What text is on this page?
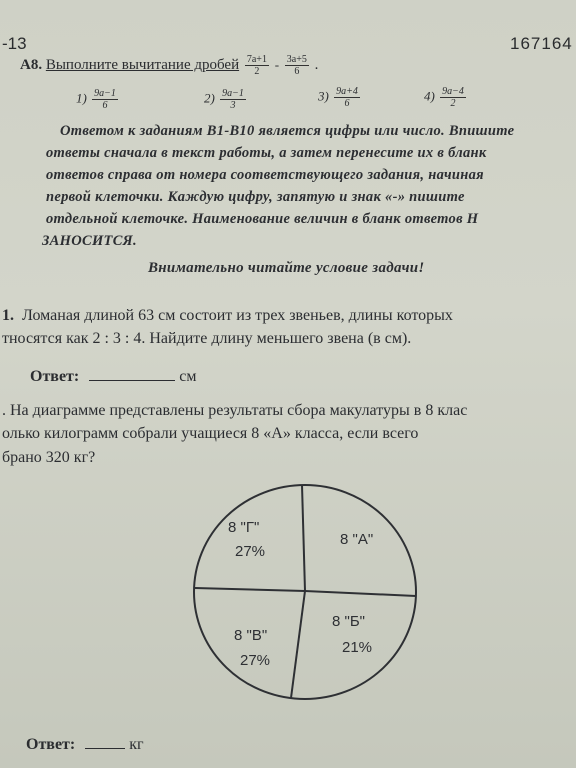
-13	167164
A8. Выполните вычитание дробей $\frac{7a+1}{2} - \frac{3a+5}{6}$ .
$1) \frac{9a-1}{6}$	$2) \frac{9a-1}{3}$	$3) \frac{9a+4}{6}$	$4) \frac{9a-4}{2}$
Ответом к заданиям В1-В10 является цифры или число. Впишите
ответы сначала в текст работы, а затем перенесите их в бланк
ответов справа от номера соответствующего задания, начиная
первой клеточки. Каждую цифру, запятую и знак «-» пишите
отдельной клеточке. Наименование величин в бланк ответов Н
ЗАНОСИТСЯ.
Внимательно читайте условие задачи!
1. Ломаная длиной 63 см состоит из трех звеньев, длины которых
тносятся как 2 : 3 : 4. Найдите длину меньшего звена (в см).
Ответ:	см
. На диаграмме представлены результаты сбора макулатуры в 8 клас
олько килограмм собрали учащиеся 8 «А» класса, если всего
брано 320 кг?
8 "Г"
27%
8 "А"
8 "Б"
21%
8 "В"
27%
Ответ:	кг
